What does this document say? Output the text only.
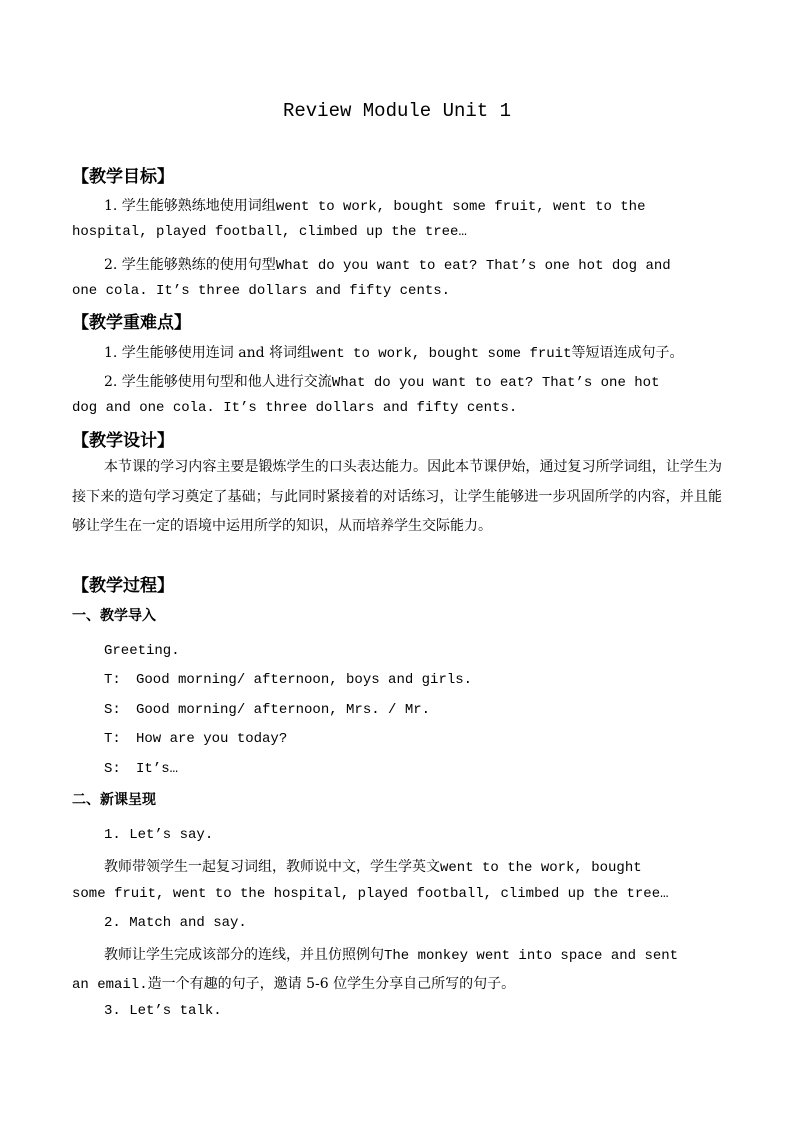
Review Module Unit 1
【教学目标】
1. 学生能够熟练地使用词组went to work, bought some fruit, went to the
hospital, played football, climbed up the tree…
2. 学生能够熟练的使用句型What do you want to eat? That’s one hot dog and
one cola. It’s three dollars and fifty cents.
【教学重难点】
1. 学生能够使用连词 and 将词组went to work, bought some fruit等短语连成句子。
2. 学生能够使用句型和他人进行交流What do you want to eat? That’s one hot
dog and one cola. It’s three dollars and fifty cents.
【教学设计】
本节课的学习内容主要是锻炼学生的口头表达能力。因此本节课伊始，通过复习所学词组，让学生为接下来的造句学习奠定了基础；与此同时紧接着的对话练习，让学生能够进一步巩固所学的内容，并且能够让学生在一定的语境中运用所学的知识，从而培养学生交际能力。
【教学过程】
一、教学导入
Greeting.
T: Good morning/ afternoon, boys and girls.
S: Good morning/ afternoon, Mrs. / Mr.
T: How are you today?
S: It’s…
二、新课呈现
1. Let’s say.
教师带领学生一起复习词组，教师说中文，学生学英文went to the work, bought
some fruit, went to the hospital, played football, climbed up the tree…
2. Match and say.
教师让学生完成该部分的连线，并且仿照例句The monkey went into space and sent
an email.造一个有趣的句子，邀请 5-6 位学生分享自己所写的句子。
3. Let’s talk.
